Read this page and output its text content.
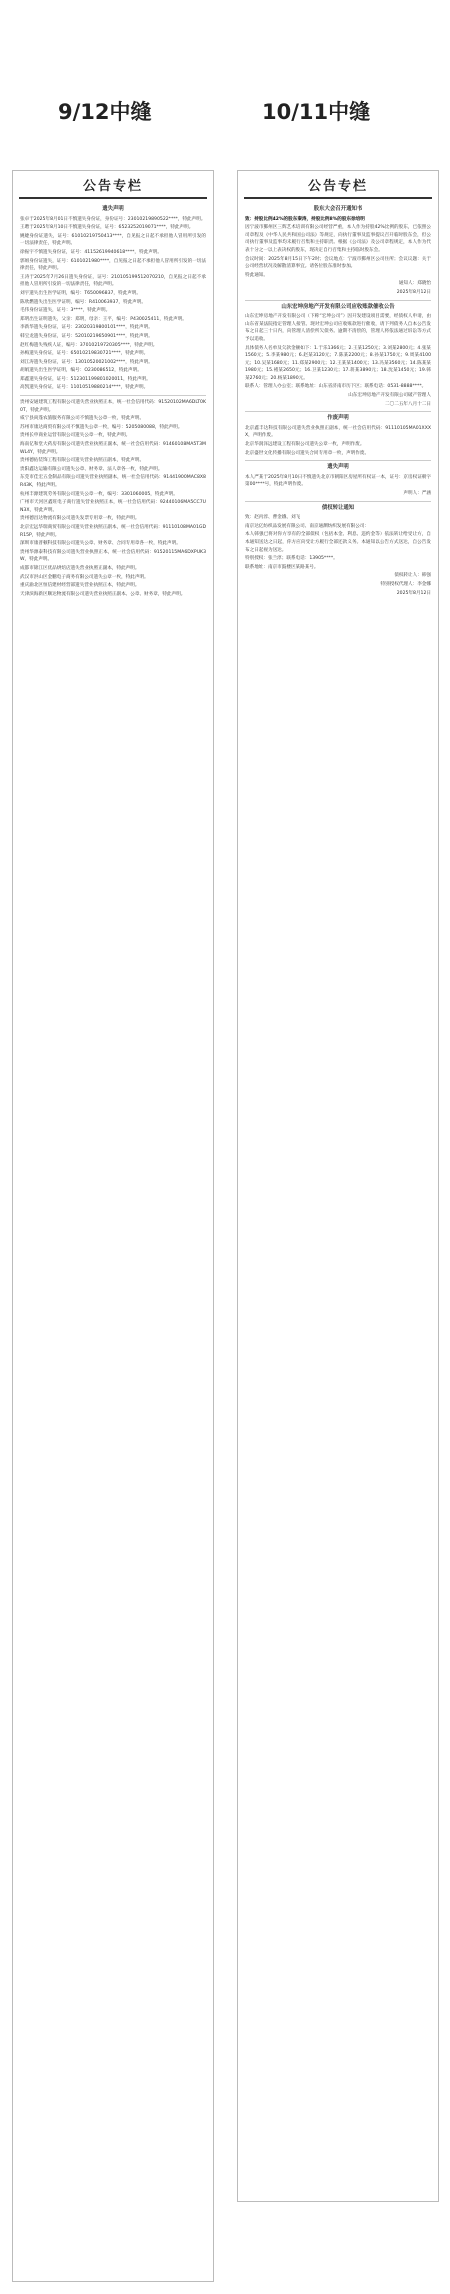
9/12中缝	10/11中缝
公告专栏
遗失声明

张卓于2025年8月01日不慎遗失身份证，身份证号：23010219890522****，特此声明。

王聘于2025年8月10日不慎遗失身份证，证号：6523252019071****，特此声明。

姚婕身份证遗失，证号：61010219750413****，自见报之日起不承担他人冒用所引发的一切法律责任，特此声明。

徐振宇不慎遗失身份证，证号：41152619940618****，特此声明。

郭姐身份证遗失，证号：6101021980****，自见报之日起不承担他人冒用所引发的一切法律责任，特此声明。

王涛于2025年7月26日遗失身份证，证号：210105199512070210，自见报之日起不承担他人冒用所引发的一切法律责任，特此声明。

刘宇遗失出生医学证明，编号：T650096837，特此声明。

陈欣燃遗失出生医学证明，编号：R410063937，特此声明。

毛伟身份证遗失，证号：3****，特此声明。

郑明出生证明遗失，父亲：郑明，母亲：王平，编号：P430025411，特此声明。

李新华遗失身份证，证号：23020319800101****，特此声明。

韩宝龙遗失身份证，证号：52010219650901****，特此声明。

赵红梅遗失残疾人证，编号：37010219720305****，特此声明。

孙梅遗失身份证，证号：65010219830721****，特此声明。

刘江涛遗失身份证，证号：13010520021002****，特此声明。

胡娟遗失出生医学证明，编号：O230086512，特此声明。

郑鑫遗失身份证，证号：512301199801020011，特此声明。

高凯遗失身份证，证号：11010519880214****，特此声明。

贵州安通建筑工程有限公司遗失营业执照正本，统一社会信用代码：91520102MA6DLT0K0T，特此声明。

威宁县尚蓬农旅服务有限公司不慎遗失公章一枚，特此声明。

苏州市康达商贸有限公司不慎遗失公章一枚，编号：5205080088，特此声明。

贵州长申商业运营有限公司遗失公章一枚，特此声明。

海南亿和堂大药房有限公司遗失营业执照正副本，统一社会信用代码：91460108MA5T3MWL4Y，特此声明。

贵州德佑装饰工程有限公司遗失营业执照正副本，特此声明。

贵阳鑫达运输有限公司遗失公章、财务章、法人章各一枚，特此声明。

东莞市佳宏五金制品有限公司遗失营业执照副本，统一社会信用代码：91441900MAC8X8R43K，特此声明。

杭州丰源建筑劳务有限公司遗失公章一枚，编号：3301060005，特此声明。

广州市天河区鑫旺电子商行遗失营业执照正本，统一社会信用代码：92440106MA5CC7UN3X，特此声明。

贵州德昌达物流有限公司遗失发票专用章一枚，特此声明。

北京宏远华瑞商贸有限公司遗失营业执照正副本，统一社会信用代码：91110108MA01GDR15P，特此声明。

深圳市康普顿科技有限公司遗失公章、财务章、合同专用章各一枚，特此声明。

贵州华源泰科技有限公司遗失营业执照正本，统一社会信用代码：91520115MA6DXPUK3W，特此声明。

成都市锦江区优品烘焙店遗失营业执照正副本，特此声明。

武汉市洪山区金鹏电子商务有限公司遗失公章一枚，特此声明。

重庆渝北区恒信建材经营部遗失营业执照正本，特此声明。

天津滨海新区顺达物流有限公司遗失营业执照正副本、公章、财务章，特此声明。

公告专栏
股东大会召开通知书

致：持股比例42%的股东秦涛，持股比例8%的股东徐培明

因宁波市鄞州区三辉艺术培训有限公司经营严重，本人作为持股42%比例的股东，已依照公司章程及《中华人民共和国公司法》等规定，向执行董事及监事提议召开临时股东会，但公司执行董事及监事均未履行召集和主持职责。根据《公司法》及公司章程规定，本人作为代表十分之一以上表决权的股东，现决定自行召集和主持临时股东会。

会议时间：2025年8月15日下午2时；会议地点：宁波市鄞州区公司住所；会议议题：关于公司经营状况及解散清算事宜。请各位股东准时参加。

特此通知。

通知人：郑晓怡

2025年8月12日

山东宏坤房地产开发有限公司应收账款催收公告

山东宏坤房地产开发有限公司（下称“宏坤公司”）因开发建设项目需要，经债权人申请，由山东省某法院指定管理人接管。现对宏坤公司应收账款进行催收，请下列债务人自本公告发布之日起三十日内，向管理人清偿所欠债务。逾期不清偿的，管理人将依法通过诉讼等方式予以追收。

具体债务人名单及欠款金额如下：1.于乐1366元；2.王某1250元；3.刘某2800元；4.张某1560元；5.李某980元；6.赵某3120元；7.陈某2200元；8.孙某1750元；9.周某4100元；10.吴某1680元；11.郑某2900元；12.王某某1400元；13.冯某3560元；14.陈某某1980元；15.褚某2650元；16.卫某1230元；17.蒋某3890元；18.沈某1450元；19.韩某2760元；20.杨某1890元。

联系人：管理人办公室；联系地址：山东省济南市历下区；联系电话：0531-8888****。

山东宏坤房地产开发有限公司破产管理人

二〇二五年八月十二日

作废声明

北京鑫丰达科技有限公司遗失营业执照正副本，统一社会信用代码：91110105MA01XXXX，声明作废。

北京华润泽远建设工程有限公司遗失公章一枚，声明作废。

北京盛世文化传播有限公司遗失合同专用章一枚，声明作废。

遗失声明

本人严某于2025年8月10日不慎遗失北京市朝阳区房屋所有权证一本，证号：京房权证朝字第00****号，特此声明作废。

声明人：严涵

债权转让通知

致：赵丙淳、曹金娥、刘飞

南京达亿纺织品发展有限公司、南京通渊纺织发展有限公司：

本人韩强已将对你方享有的全部债权（包括本金、利息、违约金等）依法转让给受让方，自本通知送达之日起，你方应向受让方履行全部还款义务。本通知以公告方式送达，自公告发布之日起视为送达。

特别授权：张兰淳；联系电话：13905****。

联系地址：南京市鼓楼区某路某号。

债权转让人：韩强

特别授权代理人：李金娜

2025年8月12日
